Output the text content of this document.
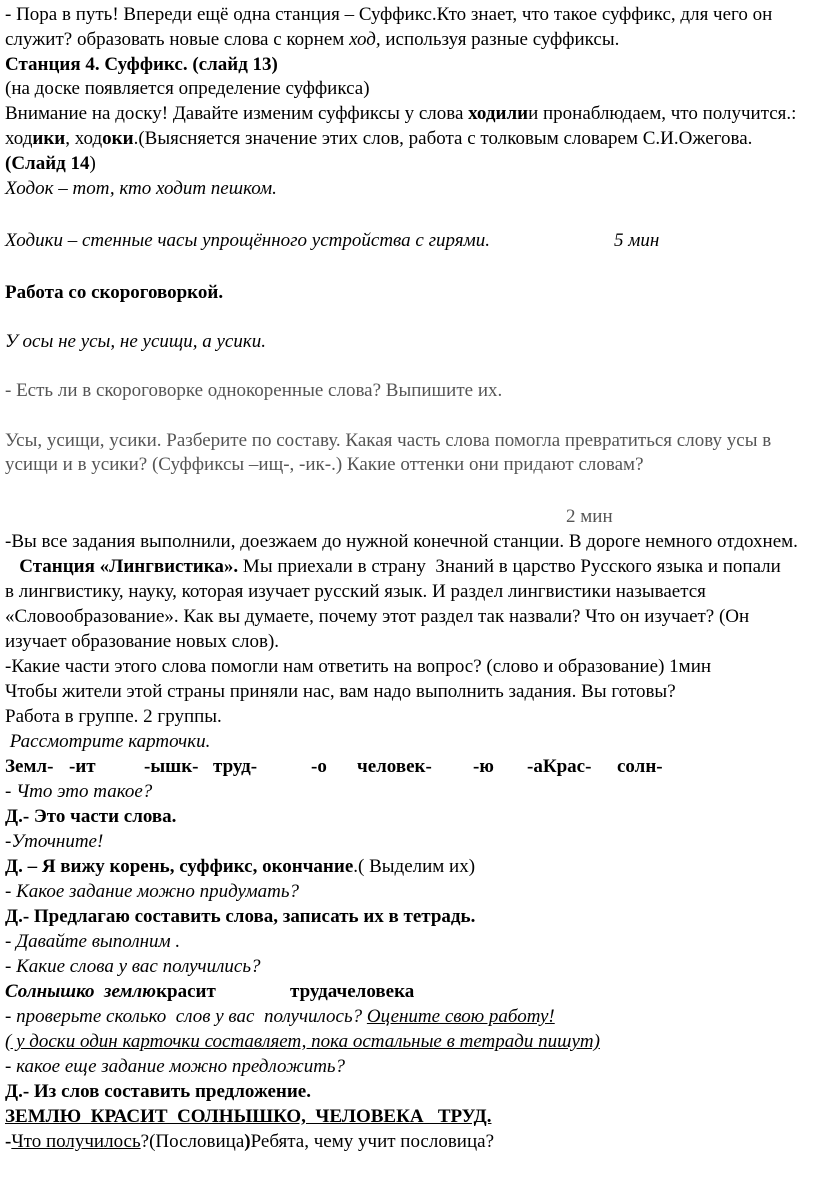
- Пора в путь! Впереди ещё одна станция – Суффикс.Кто знает, что такое суффикс, для чего он
служит? образовать новые слова с корнем ход, используя разные суффиксы.
Станция 4. Суффикс. (слайд 13)
(на доске появляется определение суффикса)
Внимание на доску! Давайте изменим суффиксы у слова ходилии пронаблюдаем, что получится.:
ходики, ходоки.(Выясняется значение этих слов, работа с толковым словарем С.И.Ожегова.
(Слайд 14)
Ходок – тот, кто ходит пешком.
Ходики – стенные часы упрощённого устройства с гирями.	5 мин
Работа со скороговоркой.
У осы не усы, не усищи, а усики.
- Есть ли в скороговорке однокоренные слова? Выпишите их.
Усы, усищи, усики. Разберите по составу. Какая часть слова помогла превратиться слову усы в
усищи и в усики? (Суффиксы –ищ-, -ик-.) Какие оттенки они придают словам?
2 мин
-Вы все задания выполнили, доезжаем до нужной конечной станции. В дороге немного отдохнем.
Станция «Лингвистика». Мы приехали в страну  Знаний в царство Русского языка и попали
в лингвистику, науку, которая изучает русский язык. И раздел лингвистики называется
«Словообразование». Как вы думаете, почему этот раздел так назвали? Что он изучает? (Он
изучает образование новых слов).
-Какие части этого слова помогли нам ответить на вопрос? (слово и образование) 1мин
Чтобы жители этой страны приняли нас, вам надо выполнить задания. Вы готовы?
Работа в группе. 2 группы.
Рассмотрите карточки.
Земл- -ит	-ышк- труд-	-о человек- -ю -аКрас- солн-
- Что это такое?
Д.- Это части слова.
-Уточните!
Д. – Я вижу корень, суффикс, окончание.( Выделим их)
- Какое задание можно придумать?
Д.- Предлагаю составить слова, записать их в тетрадь.
- Давайте выполним .
- Какие слова у вас получились?
Солнышко  землюкрасит	трудачеловека
- проверьте сколько  слов у вас  получилось? Оцените свою работу!
( у доски один карточки составляет, пока остальные в тетради пишут)
- какое еще задание можно предложить?
Д.- Из слов составить предложение.
ЗЕМЛЮ  КРАСИТ  СОЛНЫШКО,  ЧЕЛОВЕКА   ТРУД.
-Что получилось?(Пословица)Ребята, чему учит пословица?
